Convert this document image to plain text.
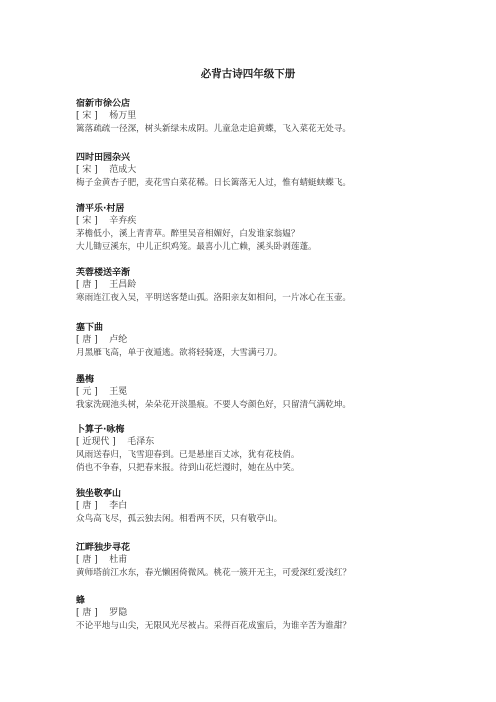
必背古诗四年级下册
宿新市徐公店
[ 宋 ]    杨万里
篱落疏疏一径深，树头新绿未成阴。儿童急走追黄蝶，飞入菜花无处寻。
四时田园杂兴
[ 宋 ]    范成大
梅子金黄杏子肥，麦花雪白菜花稀。日长篱落无人过，惟有蜻蜓蛱蝶飞。
清平乐·村居
[ 宋 ]    辛弃疾
茅檐低小，溪上青青草。醉里吴音相媚好，白发谁家翁媪？
大儿锄豆溪东，中儿正织鸡笼。最喜小儿亡赖，溪头卧剥莲蓬。
芙蓉楼送辛渐
[ 唐 ]    王昌龄
寒雨连江夜入吴，平明送客楚山孤。洛阳亲友如相问，一片冰心在玉壶。
塞下曲
[ 唐 ]    卢纶
月黑雁飞高，单于夜遁逃。欲将轻骑逐，大雪满弓刀。
墨梅
[ 元 ]    王冕
我家洗砚池头树，朵朵花开淡墨痕。不要人夸颜色好，只留清气满乾坤。
卜算子·咏梅
[ 近现代 ]    毛泽东
风雨送春归，飞雪迎春到。已是悬崖百丈冰，犹有花枝俏。
俏也不争春，只把春来报。待到山花烂漫时，她在丛中笑。
独坐敬亭山
[ 唐 ]    李白
众鸟高飞尽，孤云独去闲。相看两不厌，只有敬亭山。
江畔独步寻花
[ 唐 ]    杜甫
黄师塔前江水东，春光懒困倚微风。桃花一簇开无主，可爱深红爱浅红？
蜂
[ 唐 ]    罗隐
不论平地与山尖，无限风光尽被占。采得百花成蜜后，为谁辛苦为谁甜？
